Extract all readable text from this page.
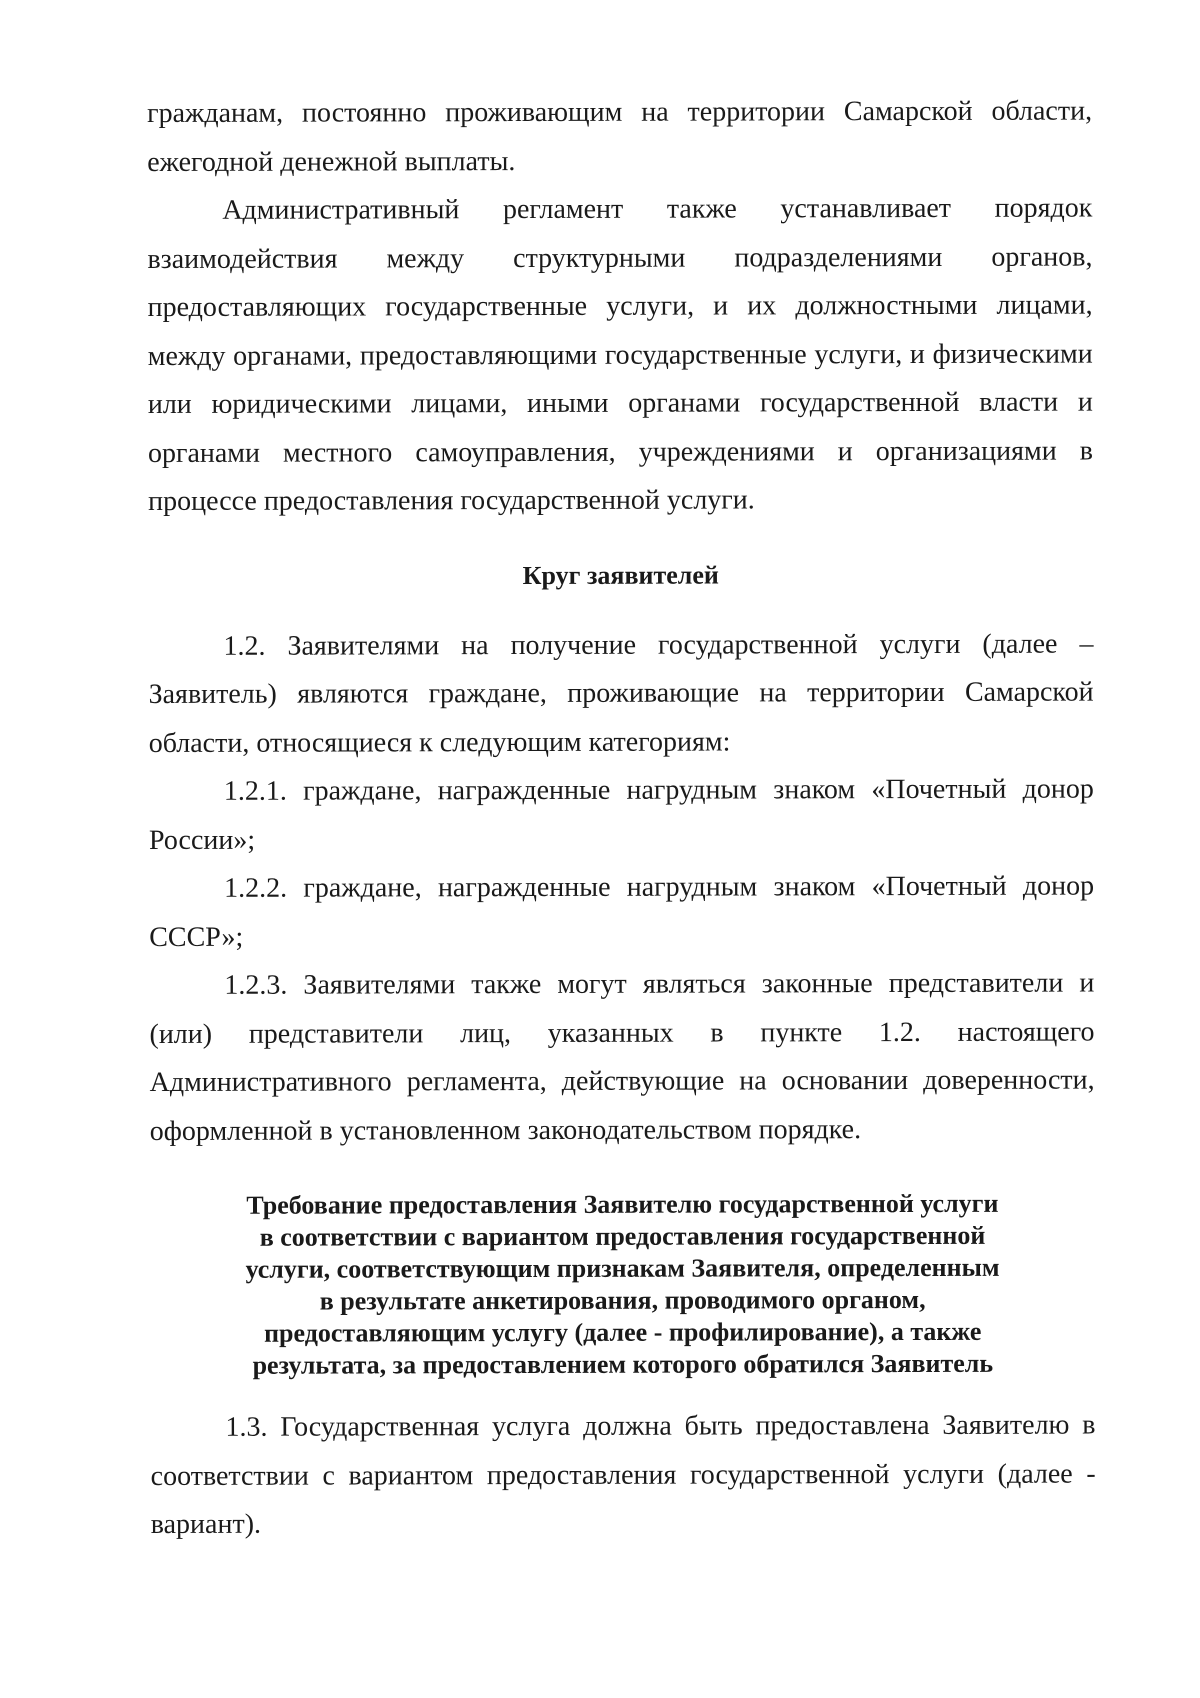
гражданам, постоянно проживающим на территории Самарской области, ежегодной денежной выплаты.

Административный регламент также устанавливает порядок взаимодействия между структурными подразделениями органов, предоставляющих государственные услуги, и их должностными лицами, между органами, предоставляющими государственные услуги, и физическими или юридическими лицами, иными органами государственной власти и органами местного самоуправления, учреждениями и организациями в процессе предоставления государственной услуги.

Круг заявителей

1.2. Заявителями на получение государственной услуги (далее – Заявитель) являются граждане, проживающие на территории Самарской области, относящиеся к следующим категориям:

1.2.1. граждане, награжденные нагрудным знаком «Почетный донор России»;

1.2.2. граждане, награжденные нагрудным знаком «Почетный донор СССР»;

1.2.3. Заявителями также могут являться законные представители и (или) представители лиц, указанных в пункте 1.2. настоящего Административного регламента, действующие на основании доверенности, оформленной в установленном законодательством порядке.

Требование предоставления Заявителю государственной услуги
в соответствии с вариантом предоставления государственной
услуги, соответствующим признакам Заявителя, определенным
в результате анкетирования, проводимого органом,
предоставляющим услугу (далее - профилирование), а также
результата, за предоставлением которого обратился Заявитель

1.3. Государственная услуга должна быть предоставлена Заявителю в соответствии с вариантом предоставления государственной услуги (далее - вариант).
